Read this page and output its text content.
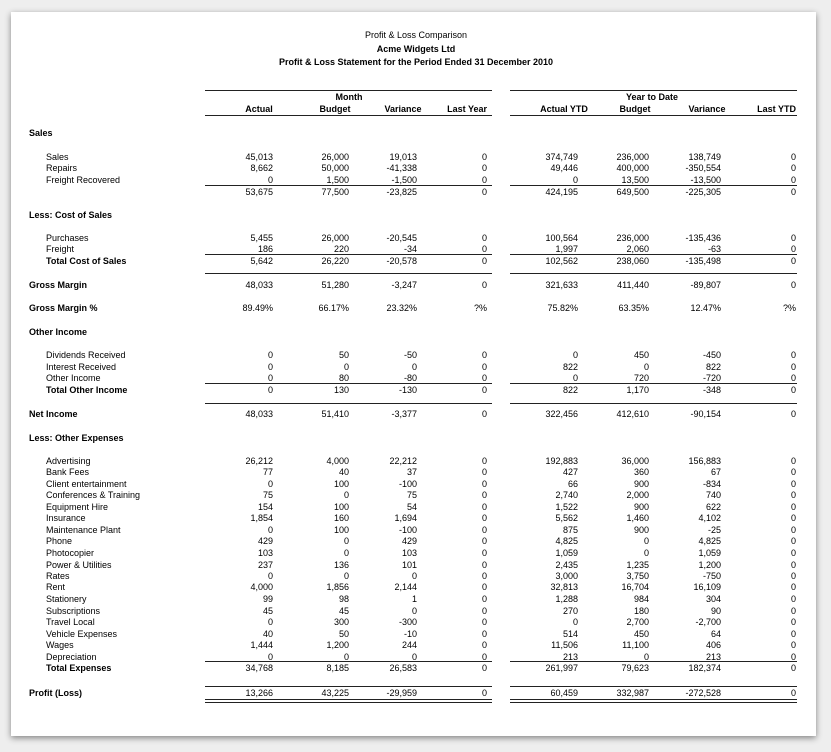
Profit & Loss Comparison
Acme Widgets Ltd
Profit & Loss Statement for the Period Ended 31 December 2010
Month	Year to Date
Actual	Budget	Variance	Last Year	Actual YTD	Budget	Variance	Last YTD
Sales
Sales	45,013	26,000	19,013	0	374,749	236,000	138,749	0
Repairs	8,662	50,000	-41,338	0	49,446	400,000	-350,554	0
Freight Recovered	0	1,500	-1,500	0	0	13,500	-13,500	0
53,675	77,500	-23,825	0	424,195	649,500	-225,305	0
Less: Cost of Sales
Purchases	5,455	26,000	-20,545	0	100,564	236,000	-135,436	0
Freight	186	220	-34	0	1,997	2,060	-63	0
Total Cost of Sales	5,642	26,220	-20,578	0	102,562	238,060	-135,498	0
Gross Margin	48,033	51,280	-3,247	0	321,633	411,440	-89,807	0
Gross Margin %	89.49%	66.17%	23.32%	?%	75.82%	63.35%	12.47%	?%
Other Income
Dividends Received	0	50	-50	0	0	450	-450	0
Interest Received	0	0	0	0	822	0	822	0
Other Income	0	80	-80	0	0	720	-720	0
Total Other Income	0	130	-130	0	822	1,170	-348	0
Net Income	48,033	51,410	-3,377	0	322,456	412,610	-90,154	0
Less: Other Expenses
Advertising	26,212	4,000	22,212	0	192,883	36,000	156,883	0
Bank Fees	77	40	37	0	427	360	67	0
Client entertainment	0	100	-100	0	66	900	-834	0
Conferences & Training	75	0	75	0	2,740	2,000	740	0
Equipment Hire	154	100	54	0	1,522	900	622	0
Insurance	1,854	160	1,694	0	5,562	1,460	4,102	0
Maintenance Plant	0	100	-100	0	875	900	-25	0
Phone	429	0	429	0	4,825	0	4,825	0
Photocopier	103	0	103	0	1,059	0	1,059	0
Power & Utilities	237	136	101	0	2,435	1,235	1,200	0
Rates	0	0	0	0	3,000	3,750	-750	0
Rent	4,000	1,856	2,144	0	32,813	16,704	16,109	0
Stationery	99	98	1	0	1,288	984	304	0
Subscriptions	45	45	0	0	270	180	90	0
Travel Local	0	300	-300	0	0	2,700	-2,700	0
Vehicle Expenses	40	50	-10	0	514	450	64	0
Wages	1,444	1,200	244	0	11,506	11,100	406	0
Depreciation	0	0	0	0	213	0	213	0
Total Expenses	34,768	8,185	26,583	0	261,997	79,623	182,374	0
Profit (Loss)	13,266	43,225	-29,959	0	60,459	332,987	-272,528	0
